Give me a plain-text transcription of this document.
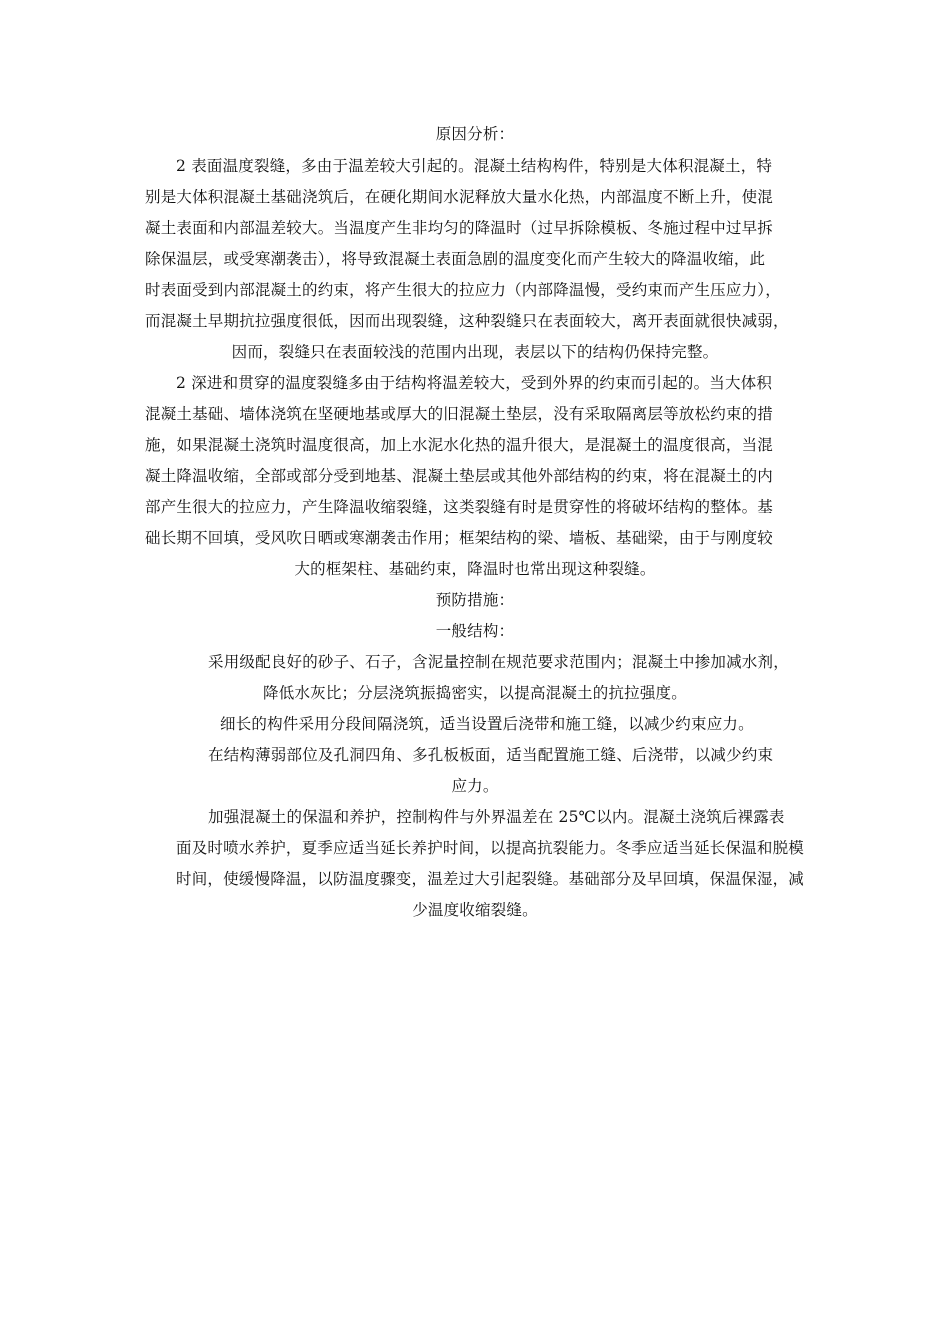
原因分析：
2 表面温度裂缝，多由于温差较大引起的。混凝土结构构件，特别是大体积混凝土，特
别是大体积混凝土基础浇筑后，在硬化期间水泥释放大量水化热，内部温度不断上升，使混
凝土表面和内部温差较大。当温度产生非均匀的降温时（过早拆除模板、冬施过程中过早拆
除保温层，或受寒潮袭击），将导致混凝土表面急剧的温度变化而产生较大的降温收缩，此
时表面受到内部混凝土的约束，将产生很大的拉应力（内部降温慢，受约束而产生压应力），
而混凝土早期抗拉强度很低，因而出现裂缝，这种裂缝只在表面较大，离开表面就很快减弱，
因而，裂缝只在表面较浅的范围内出现，表层以下的结构仍保持完整。
2 深进和贯穿的温度裂缝多由于结构将温差较大，受到外界的约束而引起的。当大体积
混凝土基础、墙体浇筑在坚硬地基或厚大的旧混凝土垫层，没有采取隔离层等放松约束的措
施，如果混凝土浇筑时温度很高，加上水泥水化热的温升很大，是混凝土的温度很高，当混
凝土降温收缩，全部或部分受到地基、混凝土垫层或其他外部结构的约束，将在混凝土的内
部产生很大的拉应力，产生降温收缩裂缝，这类裂缝有时是贯穿性的将破坏结构的整体。基
础长期不回填，受风吹日晒或寒潮袭击作用；框架结构的梁、墙板、基础梁，由于与刚度较
大的框架柱、基础约束，降温时也常出现这种裂缝。
预防措施：
一般结构：
采用级配良好的砂子、石子，含泥量控制在规范要求范围内；混凝土中掺加减水剂，
降低水灰比；分层浇筑振捣密实，以提高混凝土的抗拉强度。
细长的构件采用分段间隔浇筑，适当设置后浇带和施工缝，以减少约束应力。
在结构薄弱部位及孔洞四角、多孔板板面，适当配置施工缝、后浇带，以减少约束
应力。
加强混凝土的保温和养护，控制构件与外界温差在 25℃以内。混凝土浇筑后裸露表
面及时喷水养护，夏季应适当延长养护时间，以提高抗裂能力。冬季应适当延长保温和脱模
时间，使缓慢降温，以防温度骤变，温差过大引起裂缝。基础部分及早回填，保温保湿，减
少温度收缩裂缝。
